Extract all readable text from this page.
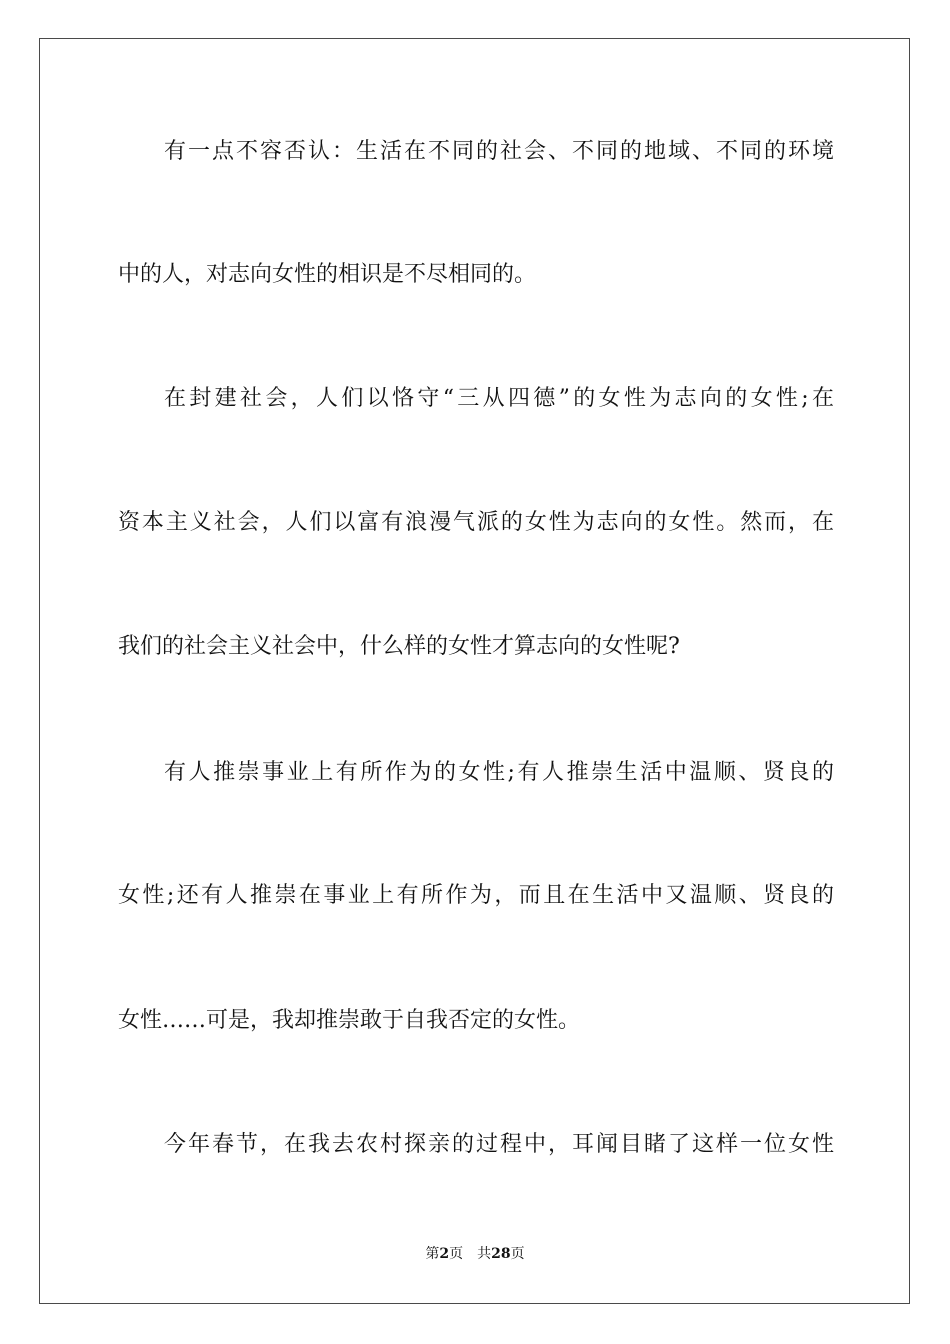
有一点不容否认：生活在不同的社会、不同的地域、不同的环境
中的人，对志向女性的相识是不尽相同的。
在封建社会，人们以恪守“三从四德”的女性为志向的女性;在
资本主义社会，人们以富有浪漫气派的女性为志向的女性。然而，在
我们的社会主义社会中，什么样的女性才算志向的女性呢?
有人推崇事业上有所作为的女性;有人推崇生活中温顺、贤良的
女性;还有人推崇在事业上有所作为，而且在生活中又温顺、贤良的
女性……可是，我却推崇敢于自我否定的女性。
今年春节，在我去农村探亲的过程中，耳闻目睹了这样一位女性
第2页 共28页
